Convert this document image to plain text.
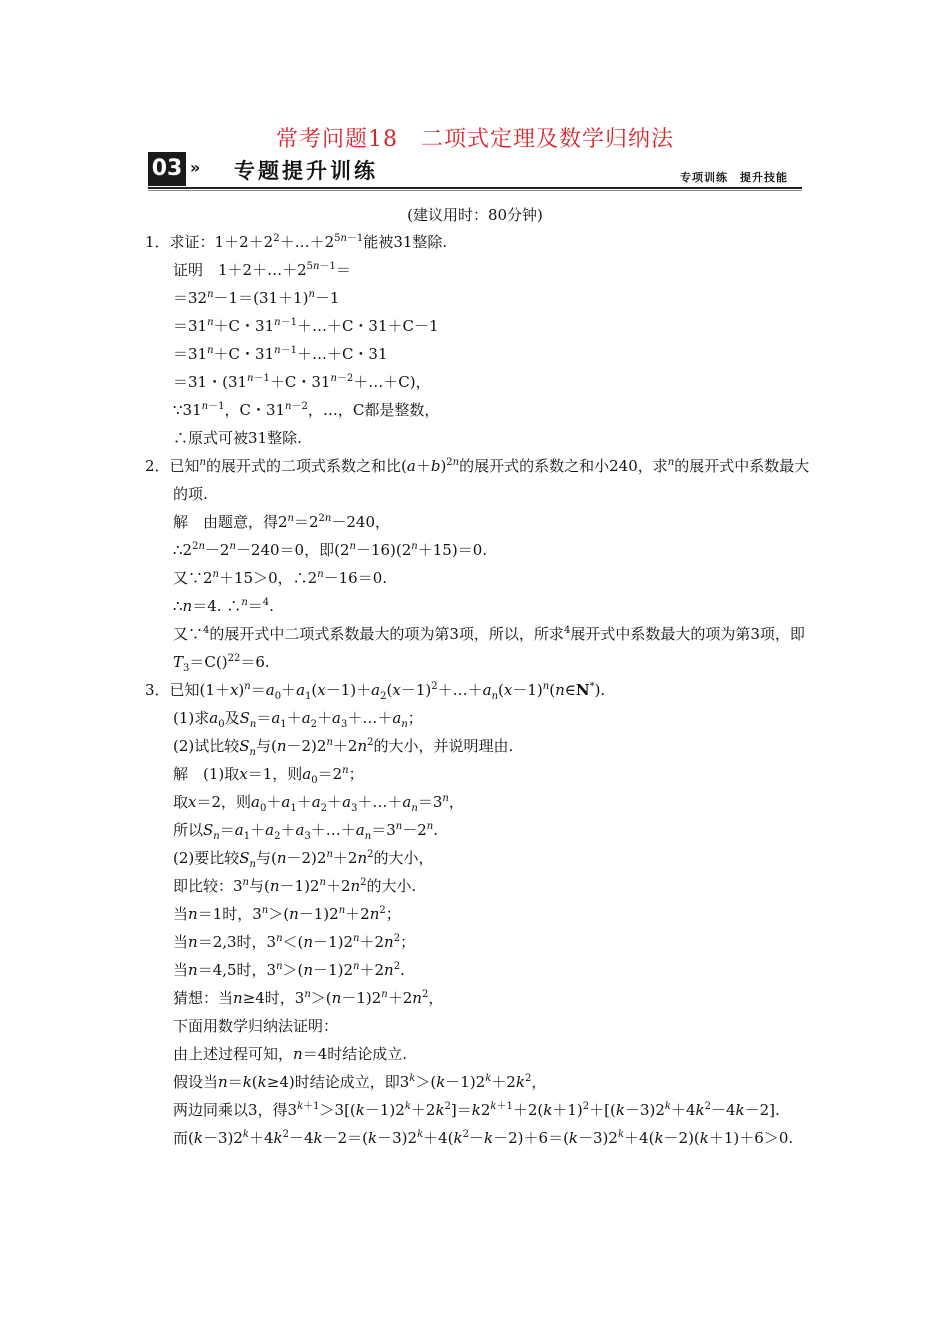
常考问题18　二项式定理及数学归纳法
03 » 专题提升训练	专项训练　提升技能
(建议用时：80分钟)
1．求证：$1+2+2^2+\dots+2^{5n-1}$能被31整除.
证明　$1+2+\dots+2^{5n-1}=$
$=32^n-1=(31+1)^n-1$
$=31^n+C$・$31^{n-1}+\dots+C$・31＋C－1
$=31^n+C$・$31^{n-1}+\dots+C$・31
＝31・($31^{n-1}+C$・$31^{n-2}+\dots+C$)，
$\because 31^{n-1}$，C・$31^{n-2}$，…，C都是整数，
∴原式可被31整除.
2．已知$^n$的展开式的二项式系数之和比$(a+b)^{2n}$的展开式的系数之和小240，求$^n$的展开式中系数最大的项.
解　由题意，得$2^n=2^{2n}-240$，
$\therefore 2^{2n}-2^n-240=0$，即$(2^n-16)(2^n+15)=0$.
又$\because 2^n+15>0$，$\therefore 2^n-16=0$.
∴n＝4. ∴$^n$＝$^4$.
又∵$^4$的展开式中二项式系数最大的项为第3项，所以，所求$^4$展开式中系数最大的项为第3项，即 $T_3=C()^{22}=6$.
3．已知$(1+x)^n=a_0+a_1(x-1)+a_2(x-1)^2+\dots+a_n(x-1)^n(n\in N^*)$.
(1)求$a_0$及$S_n=a_1+a_2+a_3+\dots+a_n$；
(2)试比较$S_n$与$(n-2)2^n+2n^2$的大小，并说明理由.
解　(1)取x＝1，则$a_0=2^n$；
取x＝2，则$a_0+a_1+a_2+a_3+\dots+a_n=3^n$，
所以$S_n=a_1+a_2+a_3+\dots+a_n=3^n-2^n$.
(2)要比较$S_n$与$(n-2)2^n+2n^2$的大小，
即比较：3$^n$与$(n-1)2^n+2n^2$的大小.
当n＝1时，$3^n>(n-1)2^n+2n^2$；
当n＝2,3时，$3^n<(n-1)2^n+2n^2$；
当n＝4,5时，$3^n>(n-1)2^n+2n^2$.
猜想：当n≥4时，$3^n>(n-1)2^n+2n^2$，
下面用数学归纳法证明：
由上述过程可知，n＝4时结论成立.
假设当n＝k(k≥4)时结论成立，即$3^k>(k-1)2^k+2k^2$，
两边同乘以3，得$3^{k+1}>3[(k-1)2^k+2k^2]=k2^{k+1}+2(k+1)^2+[(k-3)2^k+4k^2-4k-2]$.
而$(k-3)2^k+4k^2-4k-2=(k-3)2^k+4(k^2-k-2)+6=(k-3)2^k+4(k-2)(k+1)+6>0$.
